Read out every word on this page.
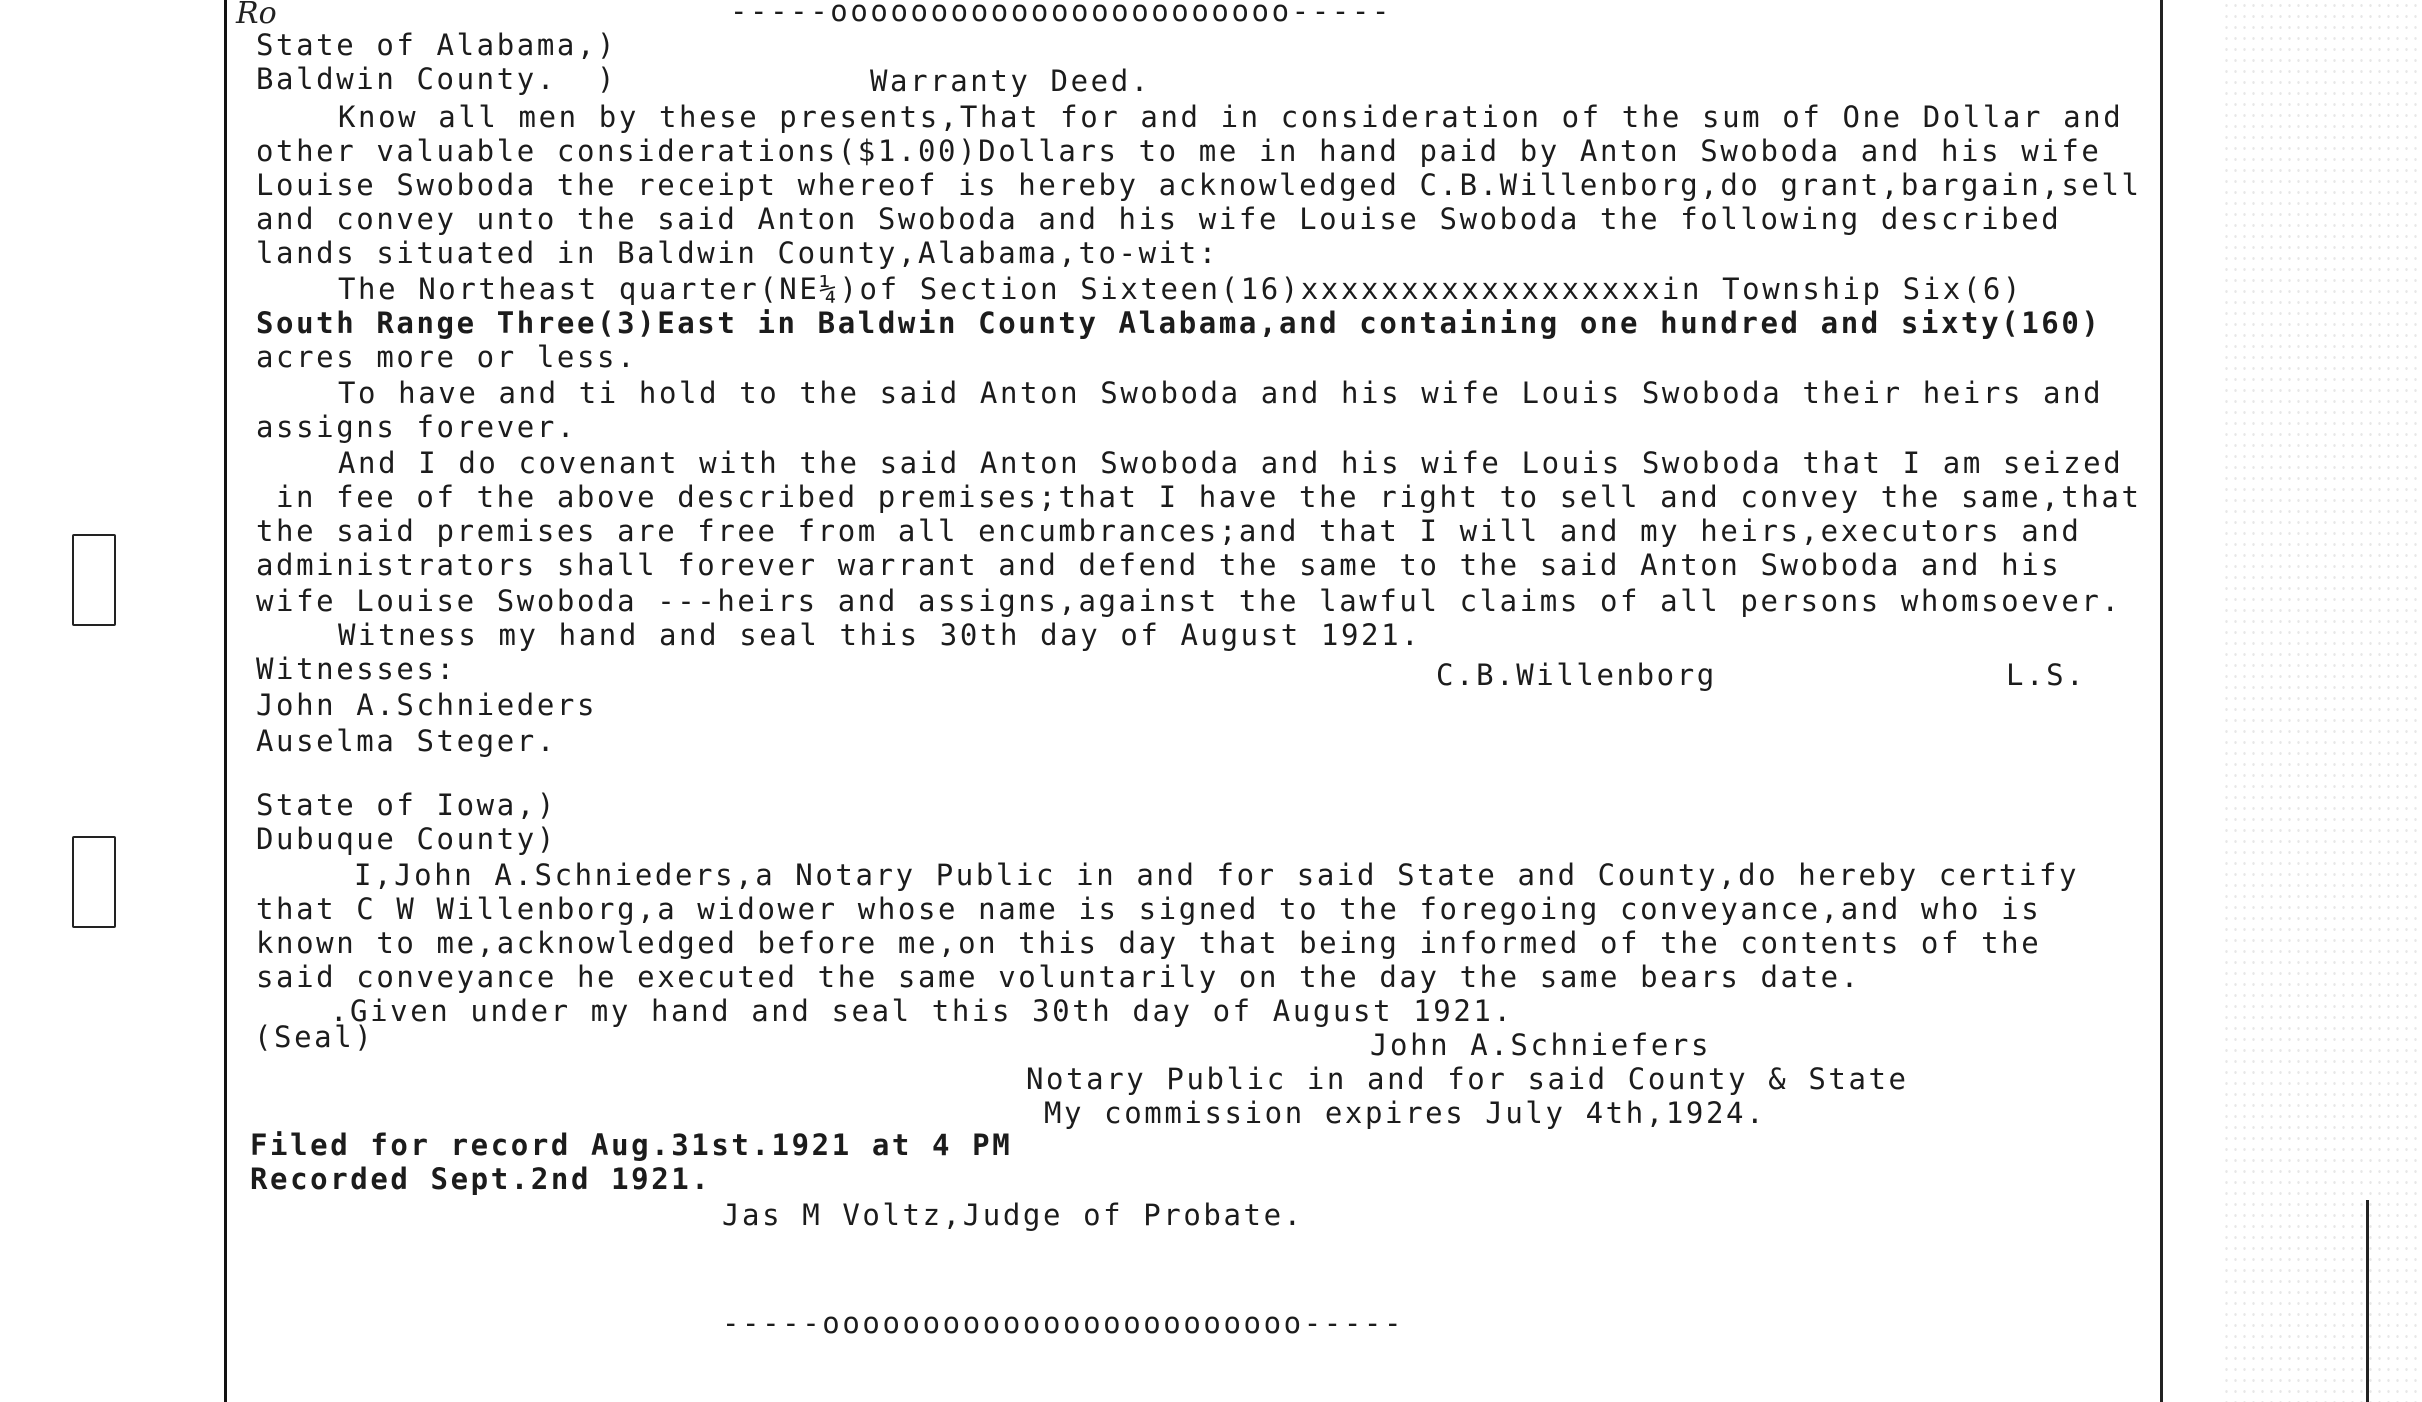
Ro	-----ooooooooooooooooooooooo-----
State of Alabama,)
Baldwin County.  )	Warranty Deed.
Know all men by these presents,That for and in consideration of the sum of One Dollar and
other valuable considerations($1.00)Dollars to me in hand paid by Anton Swoboda and his wife
Louise Swoboda the receipt whereof is hereby acknowledged C.B.Willenborg,do grant,bargain,sell
and convey unto the said Anton Swoboda and his wife Louise Swoboda the following described
lands situated in Baldwin County,Alabama,to-wit:
The Northeast quarter(NE¼)of Section Sixteen(16)xxxxxxxxxxxxxxxxxxin Township Six(6)
South Range Three(3)East in Baldwin County Alabama,and containing one hundred and sixty(160)
acres more or less.
To have and ti hold to the said Anton Swoboda and his wife Louis Swoboda their heirs and
assigns forever.
And I do covenant with the said Anton Swoboda and his wife Louis Swoboda that I am seized
in fee of the above described premises;that I have the right to sell and convey the same,that
the said premises are free from all encumbrances;and that I will and my heirs,executors and
administrators shall forever warrant and defend the same to the said Anton Swoboda and his
wife Louise Swoboda ---heirs and assigns,against the lawful claims of all persons whomsoever.
Witness my hand and seal this 30th day of August 1921.
Witnesses:	C.B.Willenborg	L.S.
John A.Schnieders
Auselma Steger.
State of Iowa,)
Dubuque County)
I,John A.Schnieders,a Notary Public in and for said State and County,do hereby certify
that C W Willenborg,a widower whose name is signed to the foregoing conveyance,and who is
known to me,acknowledged before me,on this day that being informed of the contents of the
said conveyance he executed the same voluntarily on the day the same bears date.
.Given under my hand and seal this 30th day of August 1921.
(Seal)	John A.Schniefers
Notary Public in and for said County & State
My commission expires July 4th,1924.
Filed for record Aug.31st.1921 at 4 PM
Recorded Sept.2nd 1921.
Jas M Voltz,Judge of Probate.
-----oooooooooooooooooooooooo-----
